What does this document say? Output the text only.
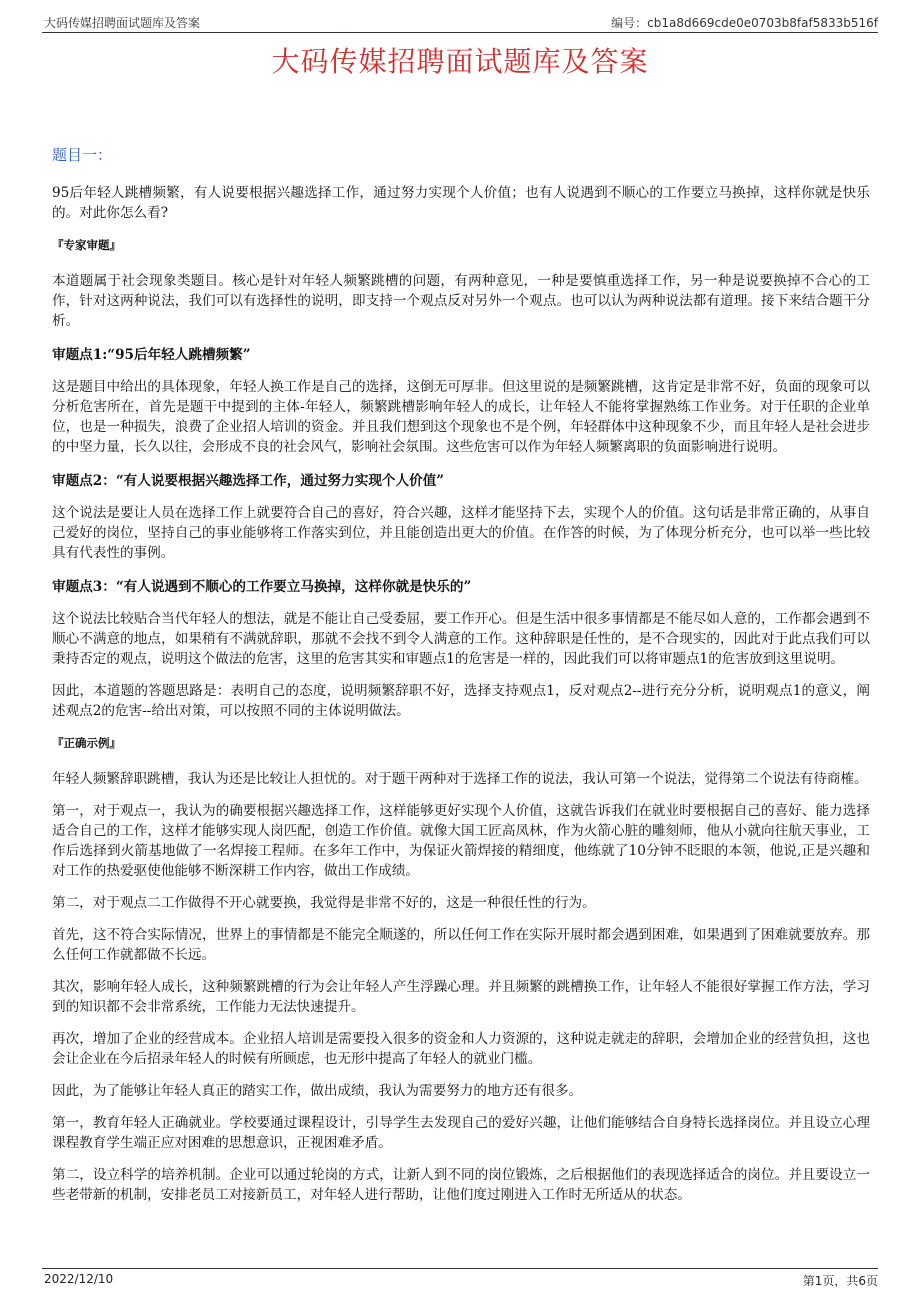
大码传媒招聘面试题库及答案	编号：cb1a8d669cde0e0703b8faf5833b516f
大码传媒招聘面试题库及答案
题目一：

95后年轻人跳槽频繁，有人说要根据兴趣选择工作，通过努力实现个人价值；也有人说遇到不顺心的工作要立马换掉，这样你就是快乐的。对此你怎么看?

『专家审题』

本道题属于社会现象类题目。核心是针对年轻人频繁跳槽的问题，有两种意见，一种是要慎重选择工作，另一种是说要换掉不合心的工作，针对这两种说法，我们可以有选择性的说明，即支持一个观点反对另外一个观点。也可以认为两种说法都有道理。接下来结合题干分析。

审题点1:“95后年轻人跳槽频繁”

这是题目中给出的具体现象，年轻人换工作是自己的选择，这倒无可厚非。但这里说的是频繁跳槽，这肯定是非常不好，负面的现象可以分析危害所在，首先是题干中提到的主体-年轻人，频繁跳槽影响年轻人的成长，让年轻人不能将掌握熟练工作业务。对于任职的企业单位，也是一种损失，浪费了企业招人培训的资金。并且我们想到这个现象也不是个例，年轻群体中这种现象不少，而且年轻人是社会进步的中坚力量，长久以往，会形成不良的社会风气，影响社会氛围。这些危害可以作为年轻人频繁离职的负面影响进行说明。

审题点2：“有人说要根据兴趣选择工作，通过努力实现个人价值”

这个说法是要让人员在选择工作上就要符合自己的喜好，符合兴趣，这样才能坚持下去，实现个人的价值。这句话是非常正确的，从事自己爱好的岗位，坚持自己的事业能够将工作落实到位，并且能创造出更大的价值。在作答的时候，为了体现分析充分，也可以举一些比较具有代表性的事例。

审题点3：“有人说遇到不顺心的工作要立马换掉，这样你就是快乐的”

这个说法比较贴合当代年轻人的想法，就是不能让自己受委屈，要工作开心。但是生活中很多事情都是不能尽如人意的，工作都会遇到不顺心不满意的地点，如果稍有不满就辞职，那就不会找不到令人满意的工作。这种辞职是任性的，是不合现实的，因此对于此点我们可以秉持否定的观点，说明这个做法的危害，这里的危害其实和审题点1的危害是一样的，因此我们可以将审题点1的危害放到这里说明。

因此，本道题的答题思路是：表明自己的态度，说明频繁辞职不好，选择支持观点1，反对观点2--进行充分分析，说明观点1的意义，阐述观点2的危害--给出对策，可以按照不同的主体说明做法。

『正确示例』

年轻人频繁辞职跳槽，我认为还是比较让人担忧的。对于题干两种对于选择工作的说法，我认可第一个说法，觉得第二个说法有待商榷。

第一，对于观点一，我认为的确要根据兴趣选择工作，这样能够更好实现个人价值，这就告诉我们在就业时要根据自己的喜好、能力选择适合自己的工作，这样才能够实现人岗匹配，创造工作价值。就像大国工匠高凤林，作为火箭心脏的雕刻师，他从小就向往航天事业，工作后选择到火箭基地做了一名焊接工程师。在多年工作中，为保证火箭焊接的精细度，他练就了10分钟不眨眼的本领，他说,正是兴趣和对工作的热爱驱使他能够不断深耕工作内容，做出工作成绩。

第二，对于观点二工作做得不开心就要换，我觉得是非常不好的，这是一种很任性的行为。

首先，这不符合实际情况，世界上的事情都是不能完全顺遂的，所以任何工作在实际开展时都会遇到困难，如果遇到了困难就要放弃。那么任何工作就都做不长远。

其次，影响年轻人成长，这种频繁跳槽的行为会让年轻人产生浮躁心理。并且频繁的跳槽换工作，让年轻人不能很好掌握工作方法，学习到的知识都不会非常系统，工作能力无法快速提升。

再次，增加了企业的经营成本。企业招人培训是需要投入很多的资金和人力资源的，这种说走就走的辞职，会增加企业的经营负担，这也会让企业在今后招录年轻人的时候有所顾虑，也无形中提高了年轻人的就业门槛。

因此，为了能够让年轻人真正的踏实工作，做出成绩，我认为需要努力的地方还有很多。

第一，教育年轻人正确就业。学校要通过课程设计，引导学生去发现自己的爱好兴趣，让他们能够结合自身特长选择岗位。并且设立心理课程教育学生端正应对困难的思想意识，正视困难矛盾。

第二，设立科学的培养机制。企业可以通过轮岗的方式，让新人到不同的岗位锻炼，之后根据他们的表现选择适合的岗位。并且要设立一些老带新的机制，安排老员工对接新员工，对年轻人进行帮助，让他们度过刚进入工作时无所适从的状态。

2022/12/10	第1页，共6页
